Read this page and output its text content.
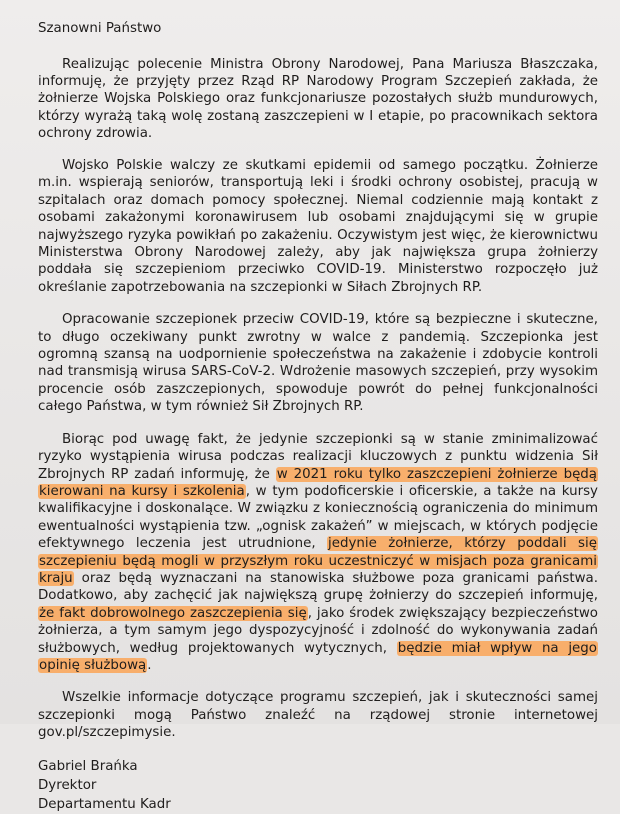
Szanowni Państwo
Realizując polecenie Ministra Obrony Narodowej, Pana Mariusza Błaszczaka, informuję, że przyjęty przez Rząd RP Narodowy Program Szczepień zakłada, że żołnierze Wojska Polskiego oraz funkcjonariusze pozostałych służb mundurowych, którzy wyrażą taką wolę zostaną zaszczepieni w I etapie, po pracownikach sektora ochrony zdrowia.
Wojsko Polskie walczy ze skutkami epidemii od samego początku. Żołnierze m.in. wspierają seniorów, transportują leki i środki ochrony osobistej, pracują w szpitalach oraz domach pomocy społecznej. Niemal codziennie mają kontakt z osobami zakażonymi koronawirusem lub osobami znajdującymi się w grupie najwyższego ryzyka powikłań po zakażeniu. Oczywistym jest więc, że kierownictwu Ministerstwa Obrony Narodowej zależy, aby jak największa grupa żołnierzy poddała się szczepieniom przeciwko COVID-19. Ministerstwo rozpoczęło już określanie zapotrzebowania na szczepionki w Siłach Zbrojnych RP.
Opracowanie szczepionek przeciw COVID-19, które są bezpieczne i skuteczne, to długo oczekiwany punkt zwrotny w walce z pandemią. Szczepionka jest ogromną szansą na uodpornienie społeczeństwa na zakażenie i zdobycie kontroli nad transmisją wirusa SARS-CoV-2. Wdrożenie masowych szczepień, przy wysokim procencie osób zaszczepionych, spowoduje powrót do pełnej funkcjonalności całego Państwa, w tym również Sił Zbrojnych RP.
Biorąc pod uwagę fakt, że jedynie szczepionki są w stanie zminimalizować ryzyko wystąpienia wirusa podczas realizacji kluczowych z punktu widzenia Sił Zbrojnych RP zadań informuję, że w 2021 roku tylko zaszczepieni żołnierze będą kierowani na kursy i szkolenia, w tym podoficerskie i oficerskie, a także na kursy kwalifikacyjne i doskonalące. W związku z koniecznością ograniczenia do minimum ewentualności wystąpienia tzw. „ognisk zakażeń” w miejscach, w których podjęcie efektywnego leczenia jest utrudnione, jedynie żołnierze, którzy poddali się szczepieniu będą mogli w przyszłym roku uczestniczyć w misjach poza granicami kraju oraz będą wyznaczani na stanowiska służbowe poza granicami państwa. Dodatkowo, aby zachęcić jak największą grupę żołnierzy do szczepień informuję, że fakt dobrowolnego zaszczepienia się, jako środek zwiększający bezpieczeństwo żołnierza, a tym samym jego dyspozycyjność i zdolność do wykonywania zadań służbowych, według projektowanych wytycznych, będzie miał wpływ na jego opinię służbową.
Wszelkie informacje dotyczące programu szczepień, jak i skuteczności samej szczepionki mogą Państwo znaleźć na rządowej stronie internetowej gov.pl/szczepimysie.
Gabriel Brańka
Dyrektor
Departamentu Kadr
